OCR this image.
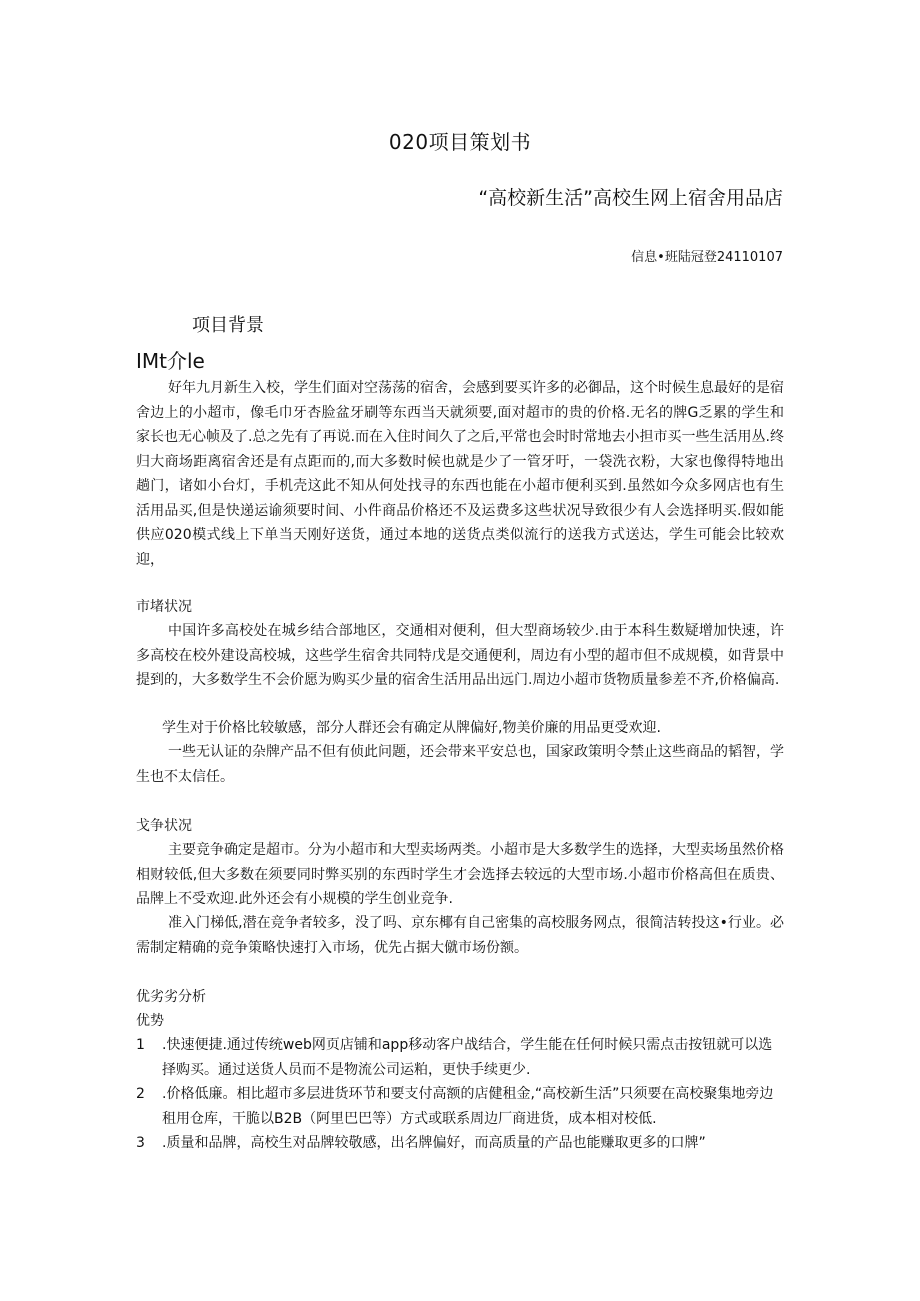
020项目策划书
“高校新生活”高校生网上宿舍用品店
信息•班陆冠登24110107
项目背景
IMt介le

好年九月新生入校，学生们面对空荡荡的宿舍，会感到要买许多的必御品，这个时候生息最好的是宿舍边上的小超市，像毛巾牙杏脸盆牙刷等东西当天就须要,面对超市的贵的价格.无名的牌G乏累的学生和家长也无心帧及了.总之先有了再说.而在入住时间久了之后,平常也会时时常地去小担市买一些生活用丛.终归大商场距离宿舍还是有点距而的,而大多数时候也就是少了一管牙吁，一袋洗衣粉，大家也像得特地出趟门，诸如小台灯，手机壳这此不知从何处找寻的东西也能在小超市便利买到.虽然如今众多网店也有生活用品买,但是快递运谕须要时间、小件商品价格还不及运费多这些状况导致很少有人会选择明买.假如能供应020模式线上下单当天刚好送货，通过本地的送货点类似流行的送我方式送达，学生可能会比较欢迎，

市堵状况

中国许多高校处在城乡结合部地区，交通相对便利，但大型商场较少.由于本科生数疑增加快速，许多高校在校外建设高校城，这些学生宿舍共同特戊是交通便利，周边有小型的超市但不成规模，如背景中提到的，大多数学生不会价愿为购买少量的宿舍生活用品出远门.周边小超市货物质量参差不齐,价格偏高.

学生对于价格比较敏感，部分人群还会有确定从牌偏好,物美价廉的用品更受欢迎.

一些无认证的杂牌产品不但有侦此问题，还会带来平安总也，国家政策明令禁止这些商品的韬智，学生也不太信任。

戈争状况

主要竞争确定是超市。分为小超市和大型卖场两类。小超市是大多数学生的选择，大型卖场虽然价格相财较低,但大多数在须要同时弊买别的东西时学生才会选择去较远的大型市场.小超市价格高但在质贵、品牌上不受欢迎.此外还会有小规模的学生创业竞争.

准入门梯低,潜在竞争者较多，没了吗、京东椰有自己密集的高校服务网点，很简洁转投这•行业。必需制定精确的竞争策略快速打入市场，优先占据大僦市场份额。

优劣劣分析
优势
1 .快速便捷.通过传统web网页店铺和app移动客户战结合，学生能在任何时候只需点击按钮就可以选择购买。通过送货人员而不是物流公司运粕，更快手续更少.
2 .价格低廉。相比超市多层进货环节和要支付高额的店健租金,“高校新生活”只须要在高校聚集地旁边租用仓库，干脆以B2B（阿里巴巴等）方式或联系周边厂商进货，成本相对校低.
3 .质量和品牌，高校生对品牌较敬感，出名牌偏好，而高质量的产品也能赚取更多的口牌”
